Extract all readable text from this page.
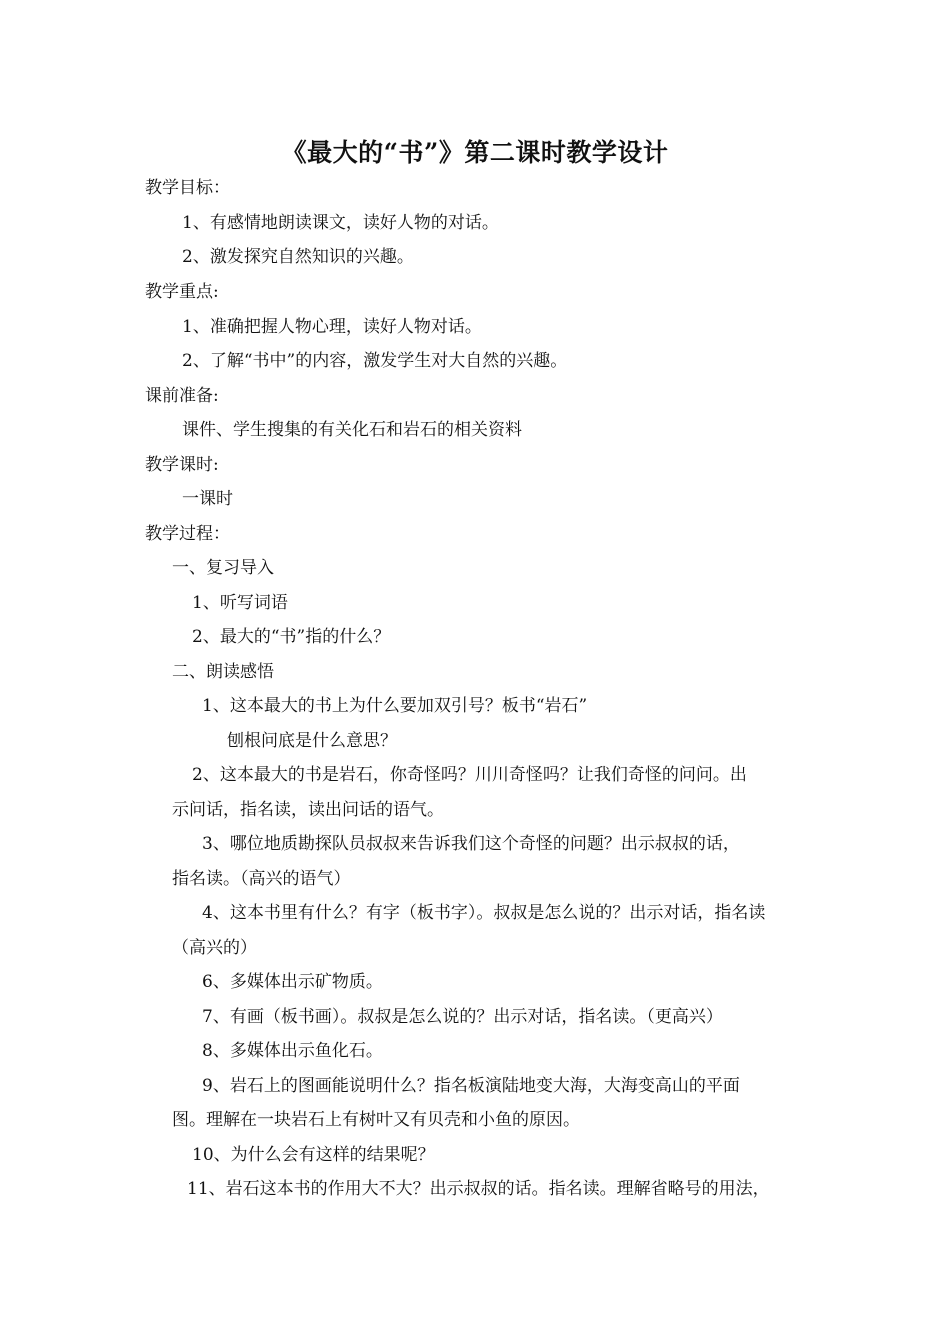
《最大的“书”》第二课时教学设计
教学目标：
1、有感情地朗读课文，读好人物的对话。
2、激发探究自然知识的兴趣。
教学重点:
1、准确把握人物心理，读好人物对话。
2、了解“书中”的内容，激发学生对大自然的兴趣。
课前准备:
课件、学生搜集的有关化石和岩石的相关资料
教学课时:
一课时
教学过程：
一、复习导入
1、听写词语
2、最大的“书”指的什么？
二、朗读感悟
1、这本最大的书上为什么要加双引号？板书“岩石”
刨根问底是什么意思？
2、这本最大的书是岩石，你奇怪吗？川川奇怪吗？让我们奇怪的问问。出
示问话，指名读，读出问话的语气。
3、哪位地质勘探队员叔叔来告诉我们这个奇怪的问题？出示叔叔的话，
指名读。（高兴的语气）
4、这本书里有什么？有字（板书字）。叔叔是怎么说的？出示对话，指名读
（高兴的）
6、多媒体出示矿物质。
7、有画（板书画）。叔叔是怎么说的？出示对话，指名读。（更高兴）
8、多媒体出示鱼化石。
9、岩石上的图画能说明什么？指名板演陆地变大海，大海变高山的平面
图。理解在一块岩石上有树叶又有贝壳和小鱼的原因。
10、为什么会有这样的结果呢？
11、岩石这本书的作用大不大？出示叔叔的话。指名读。理解省略号的用法，
